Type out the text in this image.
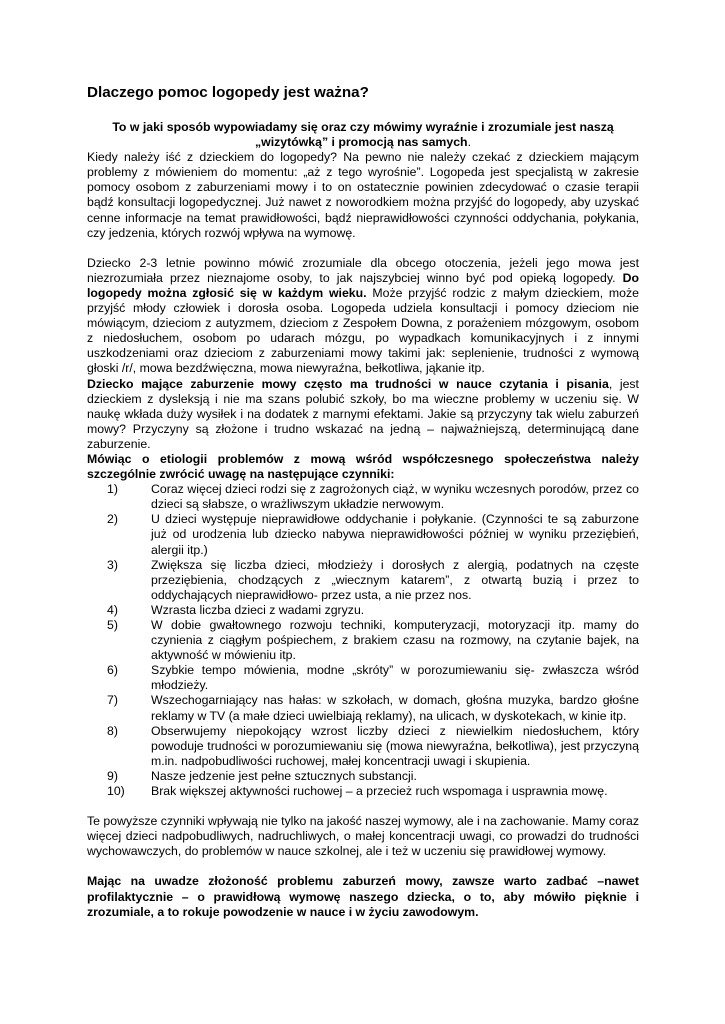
Dlaczego pomoc logopedy jest ważna?

To w jaki sposób wypowiadamy się oraz czy mówimy wyraźnie i zrozumiale jest naszą
„wizytówką” i promocją nas samych.

Kiedy należy iść z dzieckiem do logopedy? Na pewno nie należy czekać z dzieckiem mającym problemy z mówieniem do momentu: „aż z tego wyrośnie”. Logopeda jest specjalistą w zakresie pomocy osobom z zaburzeniami mowy i to on ostatecznie powinien zdecydować o czasie terapii bądź konsultacji logopedycznej. Już nawet z noworodkiem można przyjść do logopedy, aby uzyskać cenne informacje na temat prawidłowości, bądź nieprawidłowości czynności oddychania, połykania, czy jedzenia, których rozwój wpływa na wymowę.

Dziecko 2-3 letnie powinno mówić zrozumiale dla obcego otoczenia, jeżeli jego mowa jest niezrozumiała przez nieznajome osoby, to jak najszybciej winno być pod opieką logopedy. Do logopedy można zgłosić się w każdym wieku. Może przyjść rodzic z małym dzieckiem, może przyjść młody człowiek i dorosła osoba. Logopeda udziela konsultacji i pomocy dzieciom nie mówiącym, dzieciom z autyzmem, dzieciom z Zespołem Downa, z porażeniem mózgowym, osobom z niedosłuchem, osobom po udarach mózgu, po wypadkach komunikacyjnych i z innymi uszkodzeniami oraz dzieciom z zaburzeniami mowy takimi jak: seplenienie, trudności z wymową głoski /r/, mowa bezdźwięczna, mowa niewyraźna, bełkotliwa, jąkanie itp.

Dziecko mające zaburzenie mowy często ma trudności w nauce czytania i pisania, jest dzieckiem z dysleksją i nie ma szans polubić szkoły, bo ma wieczne problemy w uczeniu się. W naukę wkłada duży wysiłek i na dodatek z marnymi efektami. Jakie są przyczyny tak wielu zaburzeń mowy? Przyczyny są złożone i trudno wskazać na jedną – najważniejszą, determinującą dane zaburzenie.

Mówiąc o etiologii problemów z mową wśród współczesnego społeczeństwa należy szczególnie zwrócić uwagę na następujące czynniki:

1)	Coraz więcej dzieci rodzi się z zagrożonych ciąż, w wyniku wczesnych porodów, przez co dzieci są słabsze, o wrażliwszym układzie nerwowym.
2)	U dzieci występuje nieprawidłowe oddychanie i połykanie. (Czynności te są zaburzone już od urodzenia lub dziecko nabywa nieprawidłowości później w wyniku przeziębień, alergii itp.)
3)	Zwiększa się liczba dzieci, młodzieży i dorosłych z alergią, podatnych na częste przeziębienia, chodzących z „wiecznym katarem”, z otwartą buzią i przez to oddychających nieprawidłowo- przez usta, a nie przez nos.
4)	Wzrasta liczba dzieci z wadami zgryzu.
5)	W dobie gwałtownego rozwoju techniki, komputeryzacji, motoryzacji itp. mamy do czynienia z ciągłym pośpiechem, z brakiem czasu na rozmowy, na czytanie bajek, na aktywność w mówieniu itp.
6)	Szybkie tempo mówienia, modne „skróty” w porozumiewaniu się- zwłaszcza wśród młodzieży.
7)	Wszechogarniający nas hałas: w szkołach, w domach, głośna muzyka, bardzo głośne reklamy w TV (a małe dzieci uwielbiają reklamy), na ulicach, w dyskotekach, w kinie itp.
8)	Obserwujemy niepokojący wzrost liczby dzieci z niewielkim niedosłuchem, który powoduje trudności w porozumiewaniu się (mowa niewyraźna, bełkotliwa), jest przyczyną m.in. nadpobudliwości ruchowej, małej koncentracji uwagi i skupienia.
9)	Nasze jedzenie jest pełne sztucznych substancji.
10)	Brak większej aktywności ruchowej – a przecież ruch wspomaga i usprawnia mowę.

Te powyższe czynniki wpływają nie tylko na jakość naszej wymowy, ale i na zachowanie. Mamy coraz więcej dzieci nadpobudliwych, nadruchliwych, o małej koncentracji uwagi, co prowadzi do trudności wychowawczych, do problemów w nauce szkolnej, ale i też w uczeniu się prawidłowej wymowy.

Mając na uwadze złożoność problemu zaburzeń mowy, zawsze warto zadbać –nawet profilaktycznie – o prawidłową wymowę naszego dziecka, o to, aby mówiło pięknie i zrozumiale, a to rokuje powodzenie w nauce i w życiu zawodowym.
